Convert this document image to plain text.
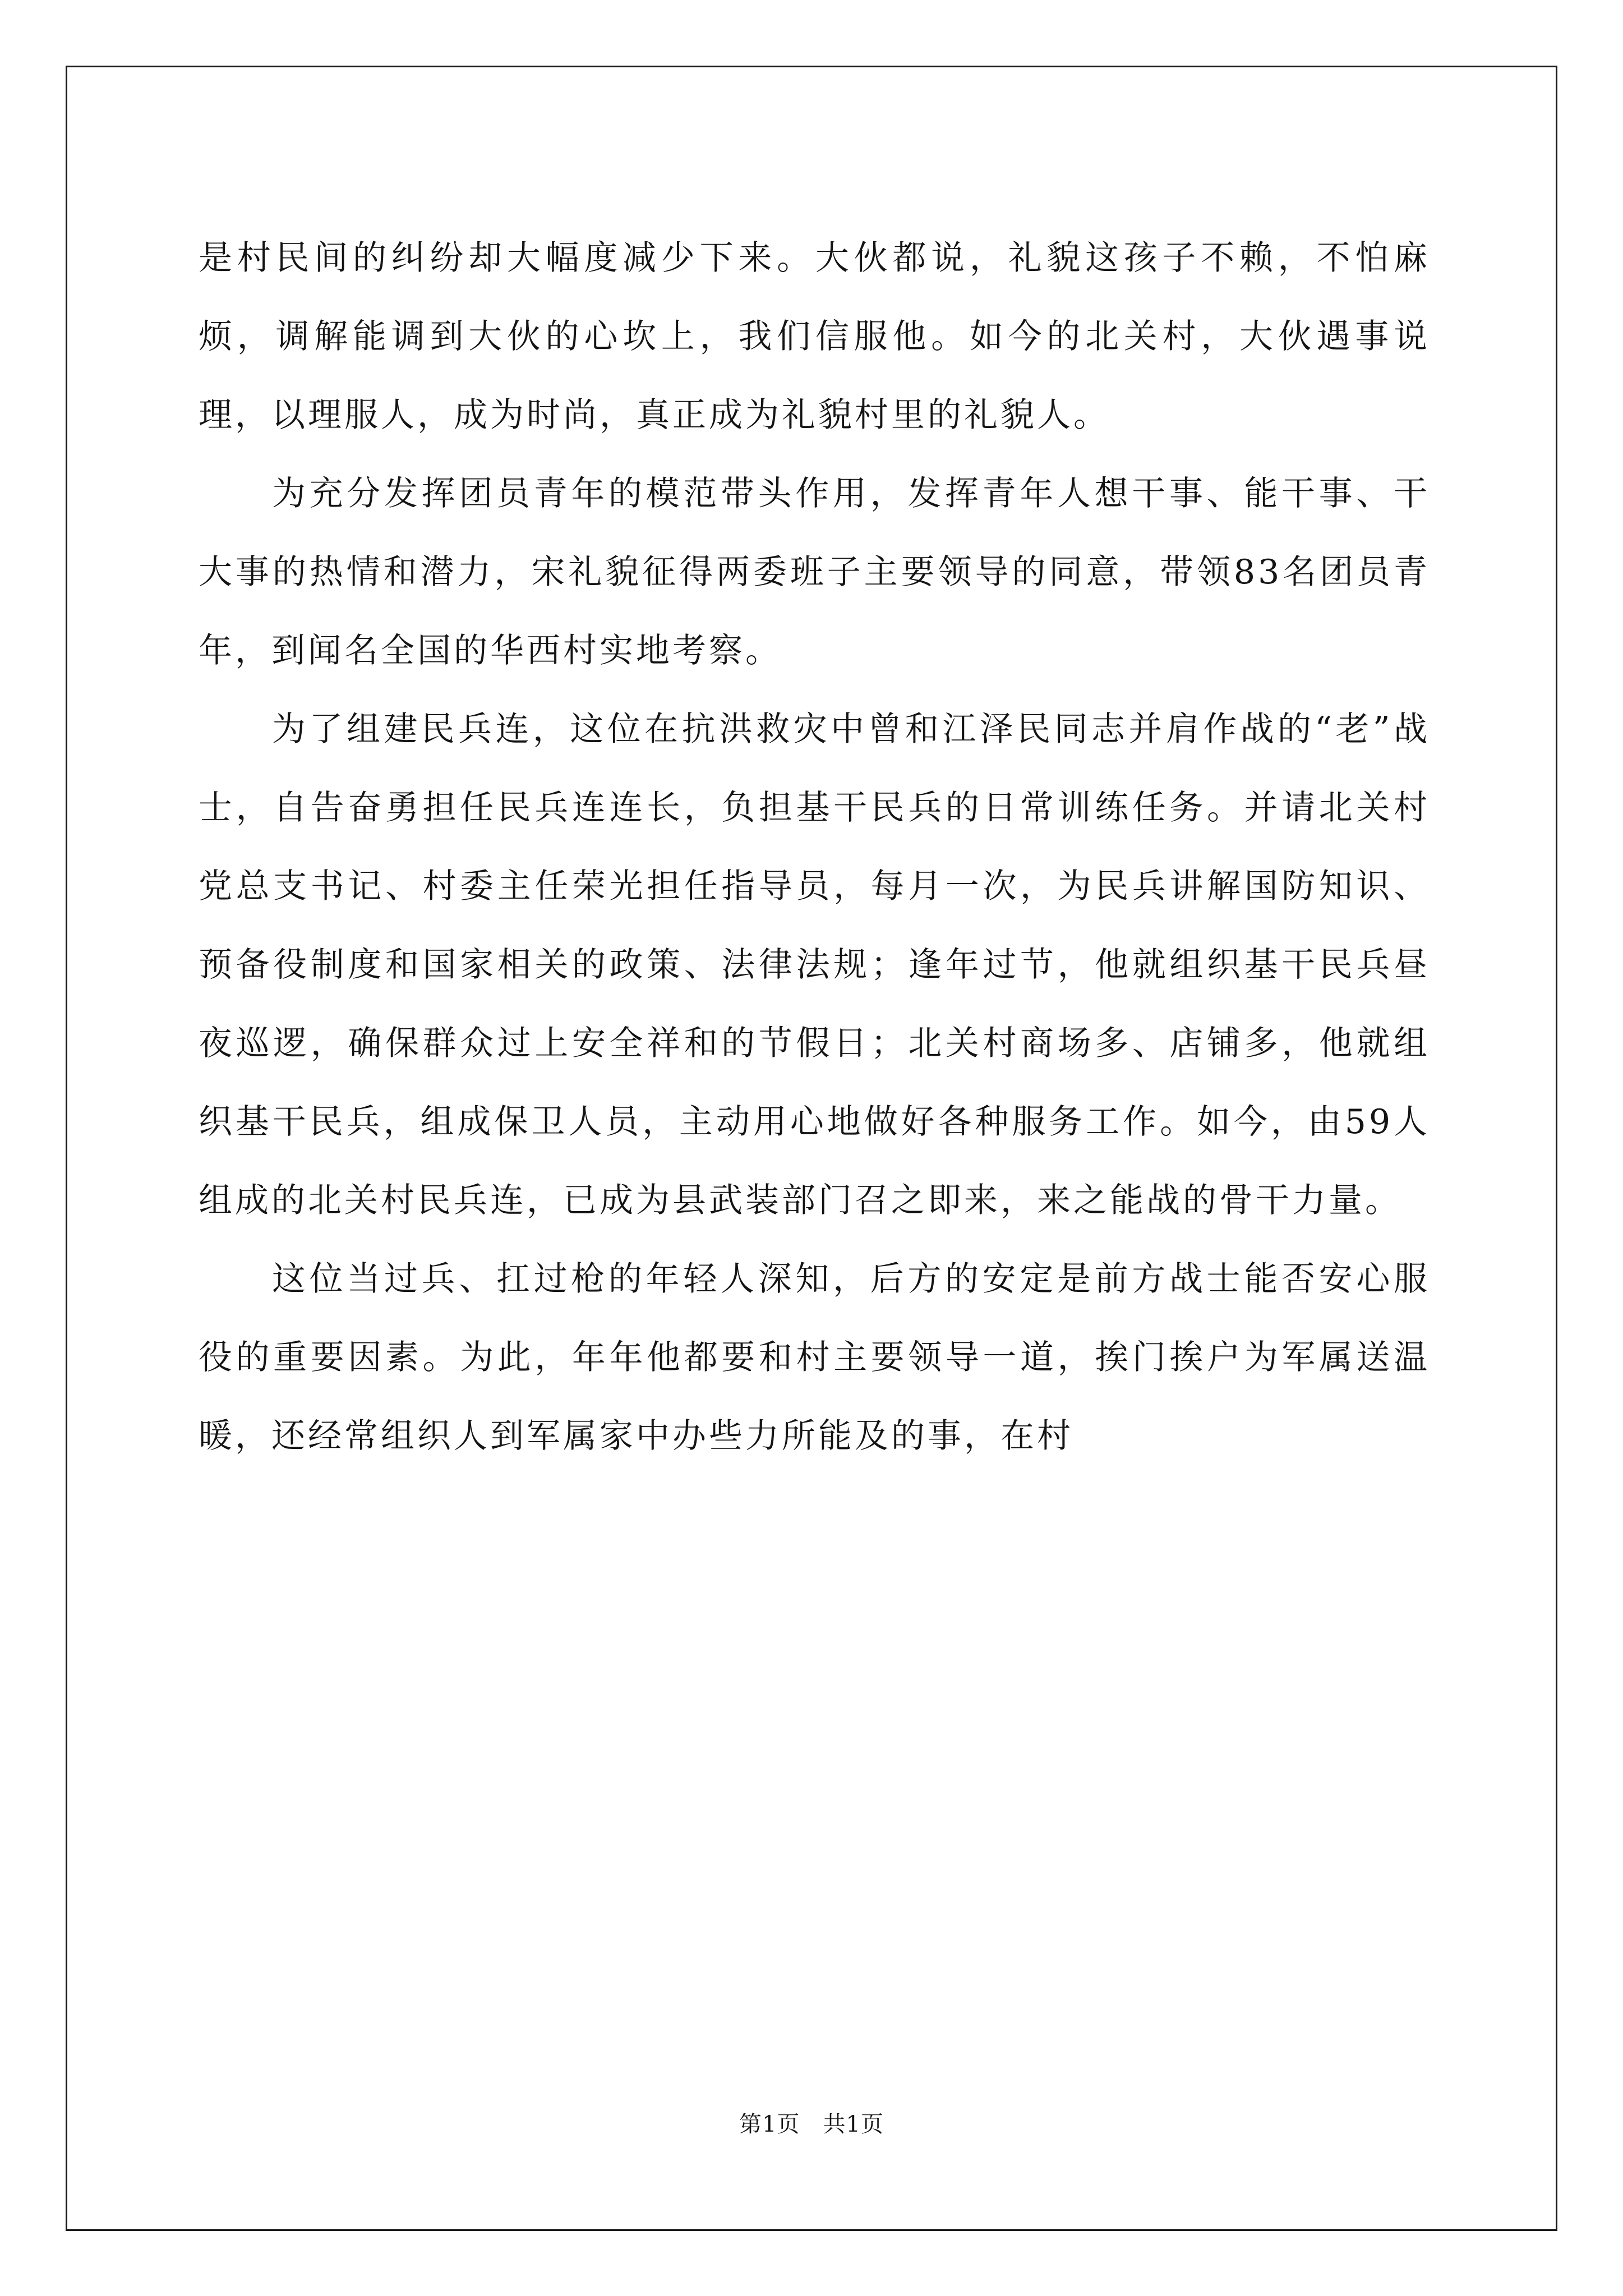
是村民间的纠纷却大幅度减少下来。大伙都说，礼貌这孩子不赖，不怕麻烦，调解能调到大伙的心坎上，我们信服他。如今的北关村，大伙遇事说理，以理服人，成为时尚，真正成为礼貌村里的礼貌人。

为充分发挥团员青年的模范带头作用，发挥青年人想干事、能干事、干大事的热情和潜力，宋礼貌征得两委班子主要领导的同意，带领83名团员青年，到闻名全国的华西村实地考察。

为了组建民兵连，这位在抗洪救灾中曾和江泽民同志并肩作战的“老”战士，自告奋勇担任民兵连连长，负担基干民兵的日常训练任务。并请北关村党总支书记、村委主任荣光担任指导员，每月一次，为民兵讲解国防知识、预备役制度和国家相关的政策、法律法规；逢年过节，他就组织基干民兵昼夜巡逻，确保群众过上安全祥和的节假日；北关村商场多、店铺多，他就组织基干民兵，组成保卫人员，主动用心地做好各种服务工作。如今，由59人组成的北关村民兵连，已成为县武装部门召之即来，来之能战的骨干力量。

这位当过兵、扛过枪的年轻人深知，后方的安定是前方战士能否安心服役的重要因素。为此，年年他都要和村主要领导一道，挨门挨户为军属送温暖，还经常组织人到军属家中办些力所能及的事，在村

第1页　共1页
